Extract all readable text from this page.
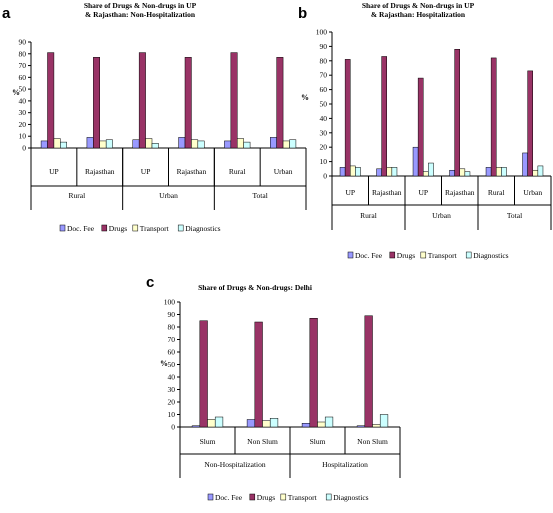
a	Share of Drugs & Non-drugs in UP
& Rajasthan: Non-Hospitalization
%
0
10
20
30
40
50
60
70
80
90
UP	Rajasthan	UP	Rajasthan	Rural	Urban
Rural	Urban	Total
Doc. Fee Drugs Transport Diagnostics
b	Share of Drugs & Non-drugs in UP
& Rajasthan: Hospitalization
%
0
10
20
30
40
50
60
70
80
90
100
UP Rajasthan UP Rajasthan Rural	Urban
Rural	Urban	Total
Doc. Fee Drugs Transport Diagnostics
c	Share of Drugs & Non-drugs: Delhi
%
0
10
20
30
40
50
60
70
80
90
100
Slum	Non Slum	Slum	Non Slum
Non-Hospitalization	Hospitalization
Doc. Fee Drugs Transport Diagnostics
